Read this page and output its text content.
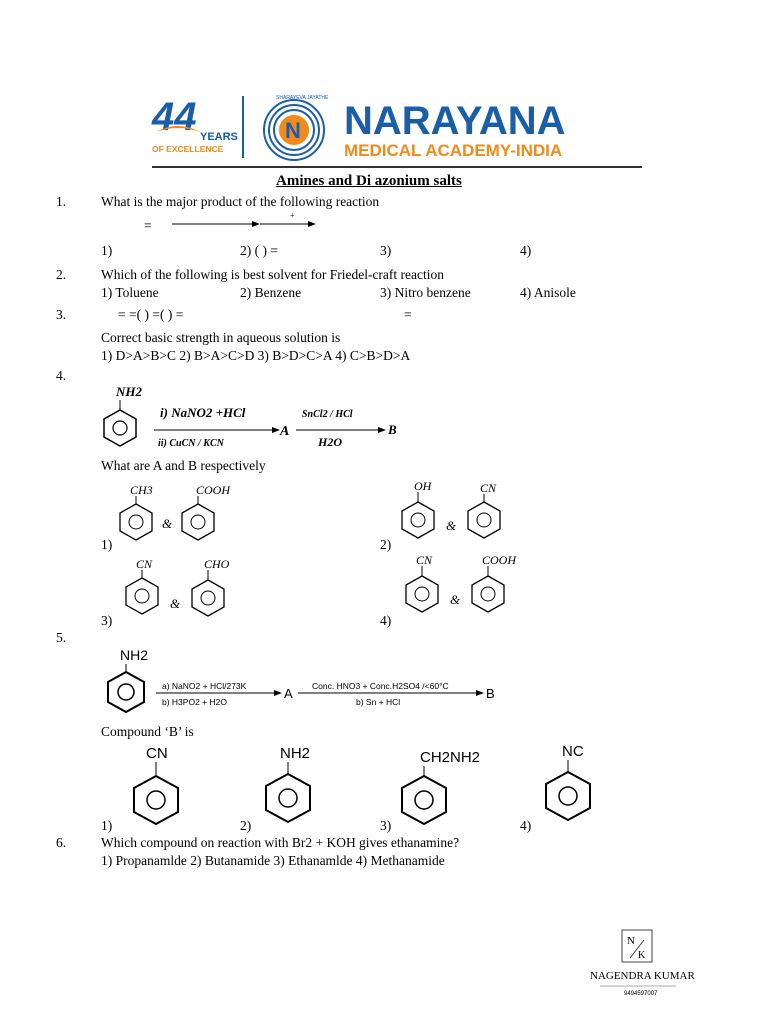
44 YEARS
OF EXCELLENCE
N
SHARAYEVA JAYATHE
NARAYANA
MEDICAL ACADEMY-INDIA
Amines and Di azonium salts
1.	What is the major product of the following reaction
=
+
1)	2) ( ) =	3)	4)
2.	Which of the following is best solvent for Friedel-craft reaction
1) Toluene	2) Benzene	3) Nitro benzene	4) Anisole
3.	= =( ) =( ) =	=
Correct basic strength in aqueous solution is
1) D>A>B>C 2) B>A>C>D 3) B>D>C>A 4) C>B>D>A
4.
NH2
i) NaNO2 +HCl
ii) CuCN / KCN
A
SnCl2 / HCl
H2O
B
What are A and B respectively
CH3
&
COOH
1)
OH
&
CN
2)
CN
&
CHO
3)
CN
&
COOH
4)
5.
NH2
a) NaNO2 + HCl/273K
b) H3PO2 + H2O
A Conc. HNO3 + Conc.H2SO4 /<60°C
b) Sn + HCl
B
Compound ‘B’ is
CN
1)
NH2
2)
CH2NH2
3)
NC
4)
6.	Which compound on reaction with Br2 + KOH gives ethanamine?
1) Propanamlde 2) Butanamide 3) Ethanamlde 4) Methanamide
N
K
NAGENDRA KUMAR
9494597007
